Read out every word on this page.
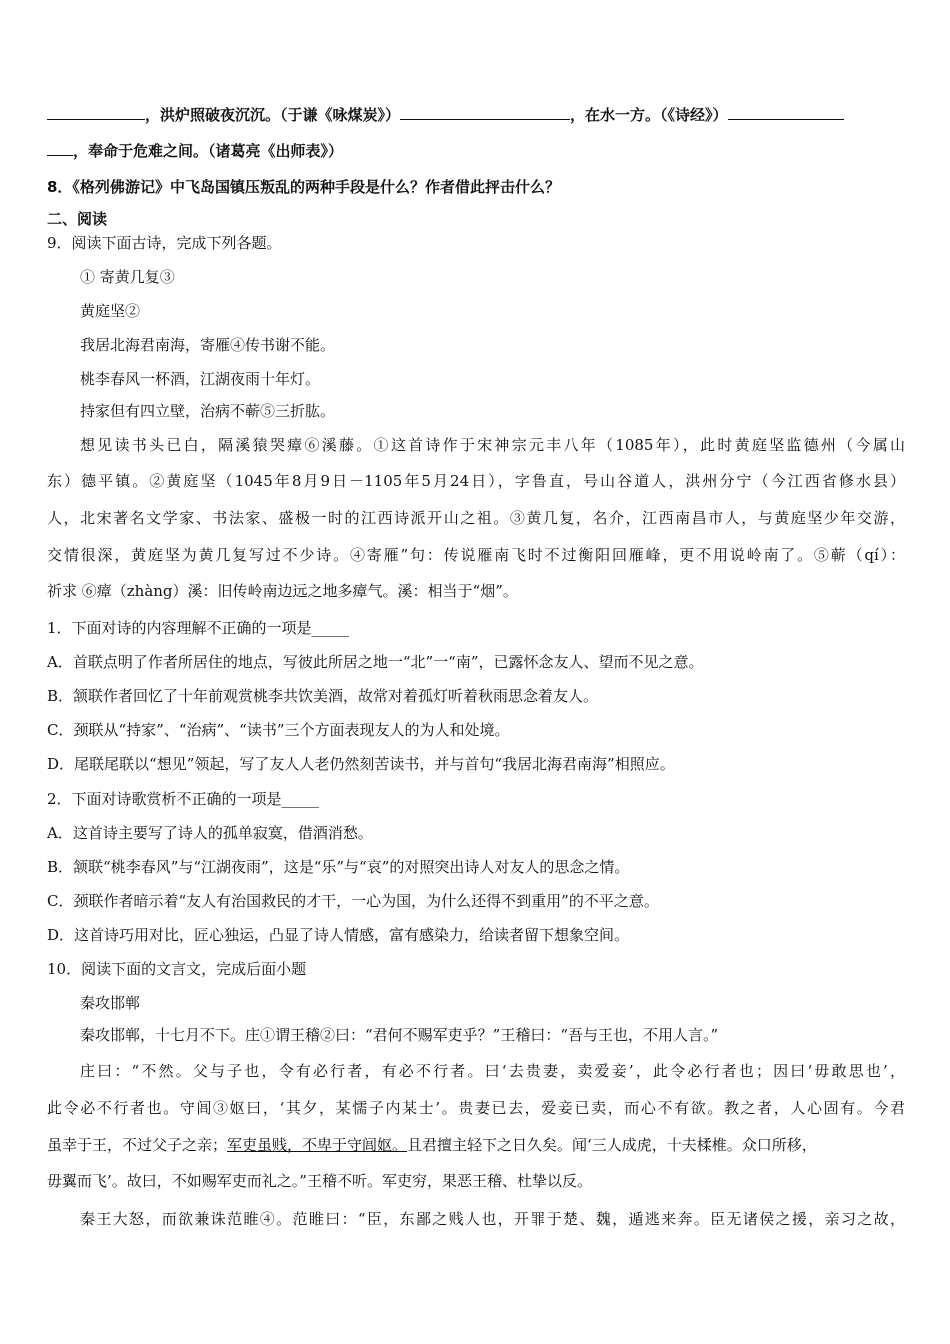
，洪炉照破夜沉沉。（于谦《咏煤炭》）	，在水一方。（《诗经》）
，奉命于危难之间。（诸葛亮《出师表》）
8．《格列佛游记》中飞岛国镇压叛乱的两种手段是什么？作者借此抨击什么？
二、阅读
9．阅读下面古诗，完成下列各题。
① 寄黄几复③
黄庭坚②
我居北海君南海，寄雁④传书谢不能。
桃李春风一杯酒，江湖夜雨十年灯。
持家但有四立壁，治病不蕲⑤三折肱。
想见读书头已白，隔溪猿哭瘴⑥溪藤。①这首诗作于宋神宗元丰八年（1085年），此时黄庭坚监德州（今属山
东）德平镇。②黄庭坚（1045年8月9日－1105年5月24日），字鲁直，号山谷道人，洪州分宁（今江西省修水县）
人，北宋著名文学家、书法家、盛极一时的江西诗派开山之祖。③黄几复，名介，江西南昌市人，与黄庭坚少年交游，
交情很深，黄庭坚为黄几复写过不少诗。④寄雁”句：传说雁南飞时不过衡阳回雁峰，更不用说岭南了。⑤蕲（qí）：
祈求 ⑥瘴（zhàng）溪：旧传岭南边远之地多瘴气。溪：相当于“烟”。
1．下面对诗的内容理解不正确的一项是_____
A．首联点明了作者所居住的地点，写彼此所居之地一“北”一“南”，已露怀念友人、望而不见之意。
B．颔联作者回忆了十年前观赏桃李共饮美酒，故常对着孤灯听着秋雨思念着友人。
C．颈联从“持家”、“治病”、“读书”三个方面表现友人的为人和处境。
D．尾联尾联以“想见”领起，写了友人人老仍然刻苦读书，并与首句“我居北海君南海”相照应。
2．下面对诗歌赏析不正确的一项是_____
A．这首诗主要写了诗人的孤单寂寞，借酒消愁。
B．颔联“桃李春风”与“江湖夜雨”，这是“乐”与“哀”的对照突出诗人对友人的思念之情。
C．颈联作者暗示着“友人有治国救民的才干，一心为国，为什么还得不到重用”的不平之意。
D．这首诗巧用对比，匠心独运，凸显了诗人情感，富有感染力，给读者留下想象空间。
10．阅读下面的文言文，完成后面小题
秦攻邯郸
秦攻邯郸，十七月不下。庄①谓王稽②曰：“君何不赐军吏乎？”王稽曰：“吾与王也，不用人言。”
庄曰：“不然。父与子也，令有必行者，有必不行者。曰‘去贵妻，卖爱妾’，此令必行者也；因曰‘毋敢思也’，
此令必不行者也。守闾③妪曰，‘其夕，某懦子内某士’。贵妻已去，爱妾已卖，而心不有欲。教之者，人心固有。今君
虽幸于王，不过父子之亲；军吏虽贱，不卑于守闾妪。且君擅主轻下之日久矣。闻‘三人成虎，十夫楺椎。众口所移，
毋翼而飞’。故曰，不如赐军吏而礼之。”王稽不听。军吏穷，果恶王稽、杜挚以反。
秦王大怒，而欲兼诛范睢④。范睢曰：“臣，东鄙之贱人也，开罪于楚、魏，遁逃来奔。臣无诸侯之援，亲习之故，
